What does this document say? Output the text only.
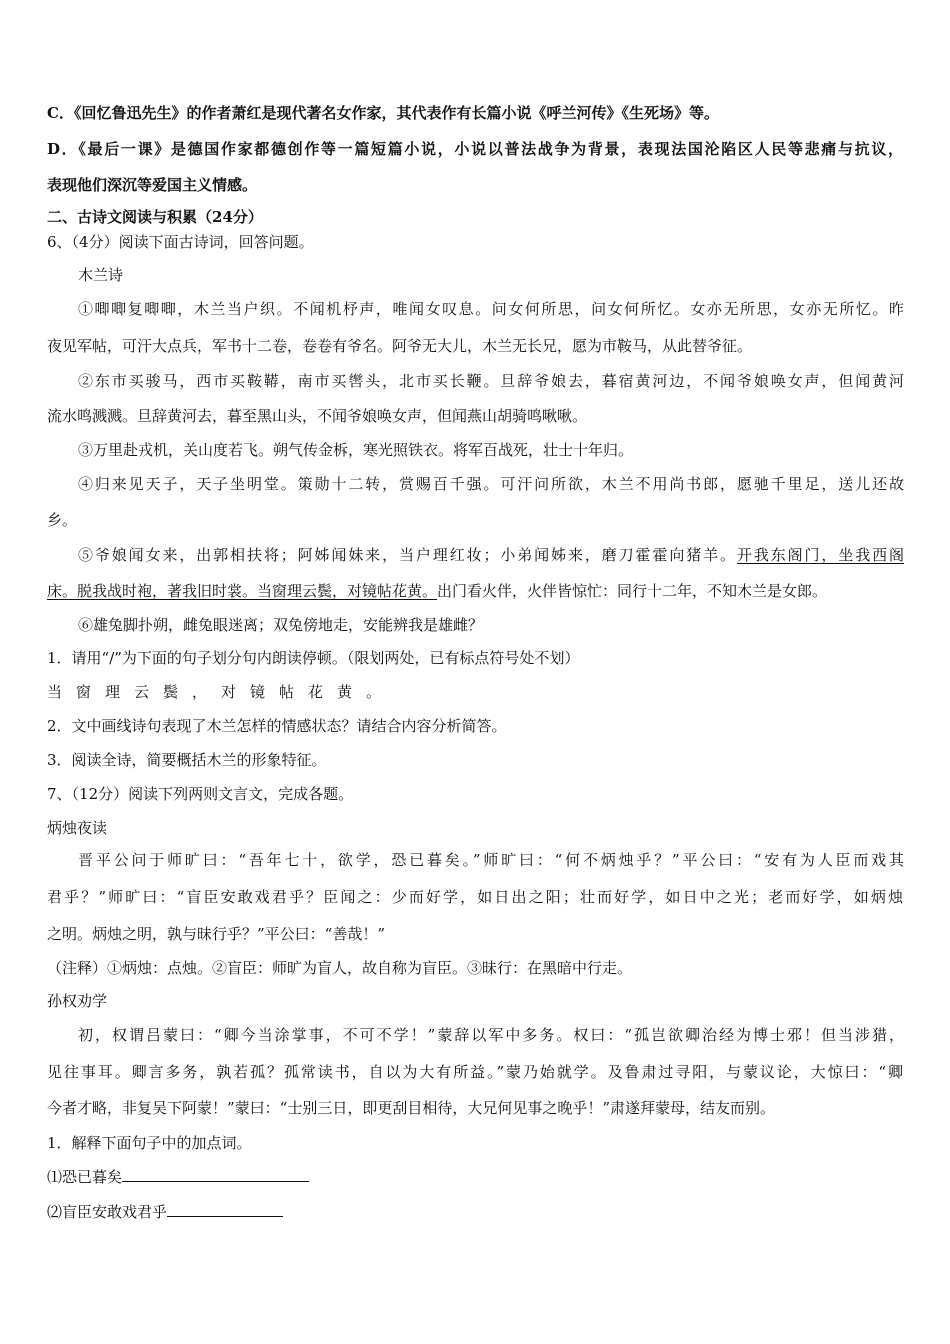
C．《回忆鲁迅先生》的作者萧红是现代著名女作家，其代表作有长篇小说《呼兰河传》《生死场》等。
D．《最后一课》是德国作家都德创作等一篇短篇小说，小说以普法战争为背景，表现法国沦陷区人民等悲痛与抗议，
表现他们深沉等爱国主义情感。
二、古诗文阅读与积累（24分）
6、（4分）阅读下面古诗词，回答问题。
木兰诗
①唧唧复唧唧，木兰当户织。不闻机杼声，唯闻女叹息。问女何所思，问女何所忆。女亦无所思，女亦无所忆。昨
夜见军帖，可汗大点兵，军书十二卷，卷卷有爷名。阿爷无大儿，木兰无长兄，愿为市鞍马，从此替爷征。
②东市买骏马，西市买鞍鞯，南市买辔头，北市买长鞭。旦辞爷娘去，暮宿黄河边，不闻爷娘唤女声，但闻黄河
流水鸣溅溅。旦辞黄河去，暮至黑山头，不闻爷娘唤女声，但闻燕山胡骑鸣啾啾。
③万里赴戎机，关山度若飞。朔气传金柝，寒光照铁衣。将军百战死，壮士十年归。
④归来见天子，天子坐明堂。策勋十二转，赏赐百千强。可汗问所欲，木兰不用尚书郎，愿驰千里足，送儿还故
乡。
⑤爷娘闻女来，出郭相扶将；阿姊闻妹来，当户理红妆；小弟闻姊来，磨刀霍霍向猪羊。开我东阁门，坐我西阁
床。脱我战时袍，著我旧时裳。当窗理云鬓，对镜帖花黄。出门看火伴，火伴皆惊忙：同行十二年，不知木兰是女郎。
⑥雄兔脚扑朔，雌兔眼迷离；双兔傍地走，安能辨我是雄雌？
1．请用“/”为下面的句子划分句内朗读停顿。（限划两处，已有标点符号处不划）
当窗理云鬓，对镜帖花黄。
2．文中画线诗句表现了木兰怎样的情感状态？请结合内容分析简答。
3．阅读全诗，简要概括木兰的形象特征。
7、（12分）阅读下列两则文言文，完成各题。
炳烛夜读
晋平公问于师旷曰：“吾年七十，欲学，恐已暮矣。”师旷曰：“何不炳烛乎？”平公曰：“安有为人臣而戏其
君乎？”师旷曰：“盲臣安敢戏君乎？臣闻之：少而好学，如日出之阳；壮而好学，如日中之光；老而好学，如炳烛
之明。炳烛之明，孰与昧行乎？”平公曰：“善哉！”
（注释）①炳烛：点烛。②盲臣：师旷为盲人，故自称为盲臣。③昧行：在黑暗中行走。
孙权劝学
初，权谓吕蒙曰：“卿今当涂掌事，不可不学！”蒙辞以军中多务。权曰：“孤岂欲卿治经为博士邪！但当涉猎，
见往事耳。卿言多务，孰若孤？孤常读书，自以为大有所益。”蒙乃始就学。及鲁肃过寻阳，与蒙议论，大惊曰：“卿
今者才略，非复吴下阿蒙！”蒙曰：“士别三日，即更刮目相待，大兄何见事之晚乎！”肃遂拜蒙母，结友而别。
1．解释下面句子中的加点词。
⑴恐已暮矣
⑵盲臣安敢戏君乎
